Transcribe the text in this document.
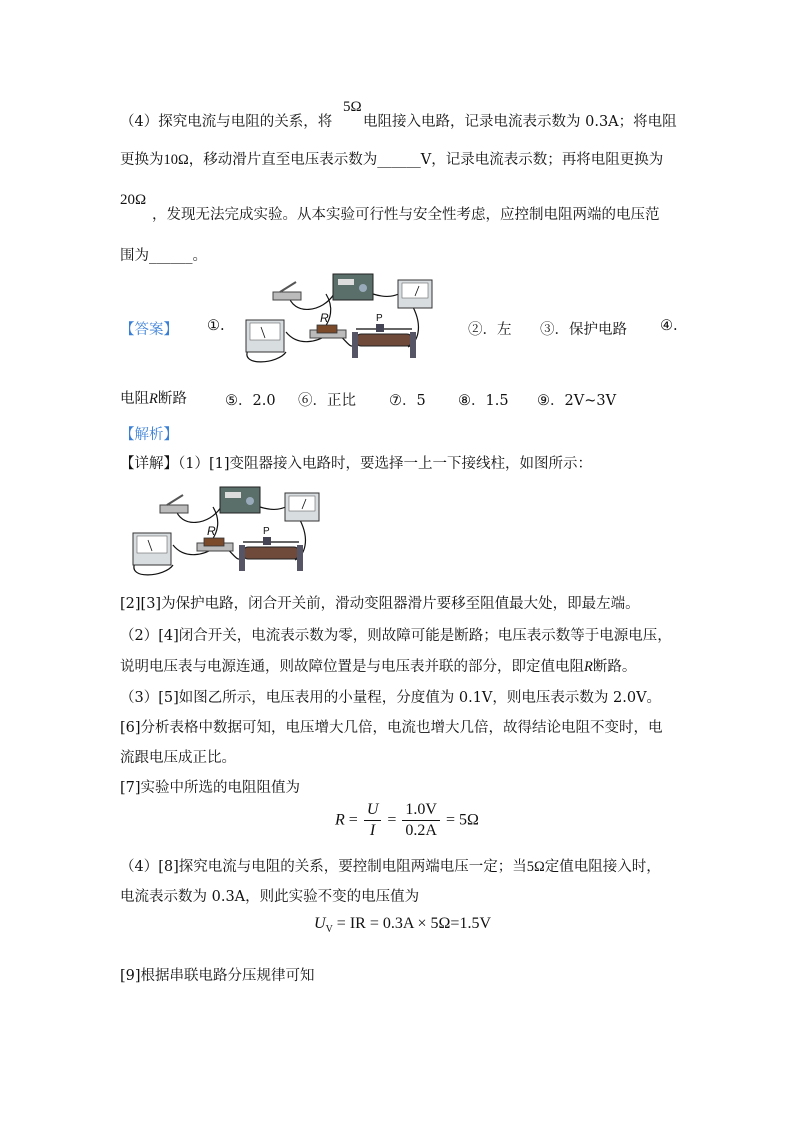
（4）探究电流与电阻的关系，将
5Ω
电阻接入电路，记录电流表示数为 0.3A；将电阻
更换为10Ω，移动滑片直至电压表示数为______V，记录电流表示数；再将电阻更换为
20Ω
，发现无法完成实验。从本实验可行性与安全性考虑，应控制电阻两端的电压范
围为______。
【答案】 ①.	R	P
②．左 ③．保护电路 ④.
电阻R断路	⑤．2.0 ⑥．正比 ⑦．5 ⑧．1.5 ⑨．2V~3V
【解析】
【详解】（1）[1]变阻器接入电路时，要选择一上一下接线柱，如图所示：
R	P
[2][3]为保护电路，闭合开关前，滑动变阻器滑片要移至阻值最大处，即最左端。
（2）[4]闭合开关，电流表示数为零，则故障可能是断路；电压表示数等于电源电压，
说明电压表与电源连通，则故障位置是与电压表并联的部分，即定值电阻R断路。
（3）[5]如图乙所示，电压表用的小量程，分度值为 0.1V，则电压表示数为 2.0V。
[6]分析表格中数据可知，电压增大几倍，电流也增大几倍，故得结论电阻不变时，电
流跟电压成正比。
[7]实验中所选的电阻阻值为
$R = \frac{U}{I} = \frac{1.0V}{0.2A} = 5\Omega$
（4）[8]探究电流与电阻的关系，要控制电阻两端电压一定；当5Ω定值电阻接入时，
电流表示数为 0.3A，则此实验不变的电压值为
$U_V$ = IR = 0.3A × 5Ω=1.5V
[9]根据串联电路分压规律可知
